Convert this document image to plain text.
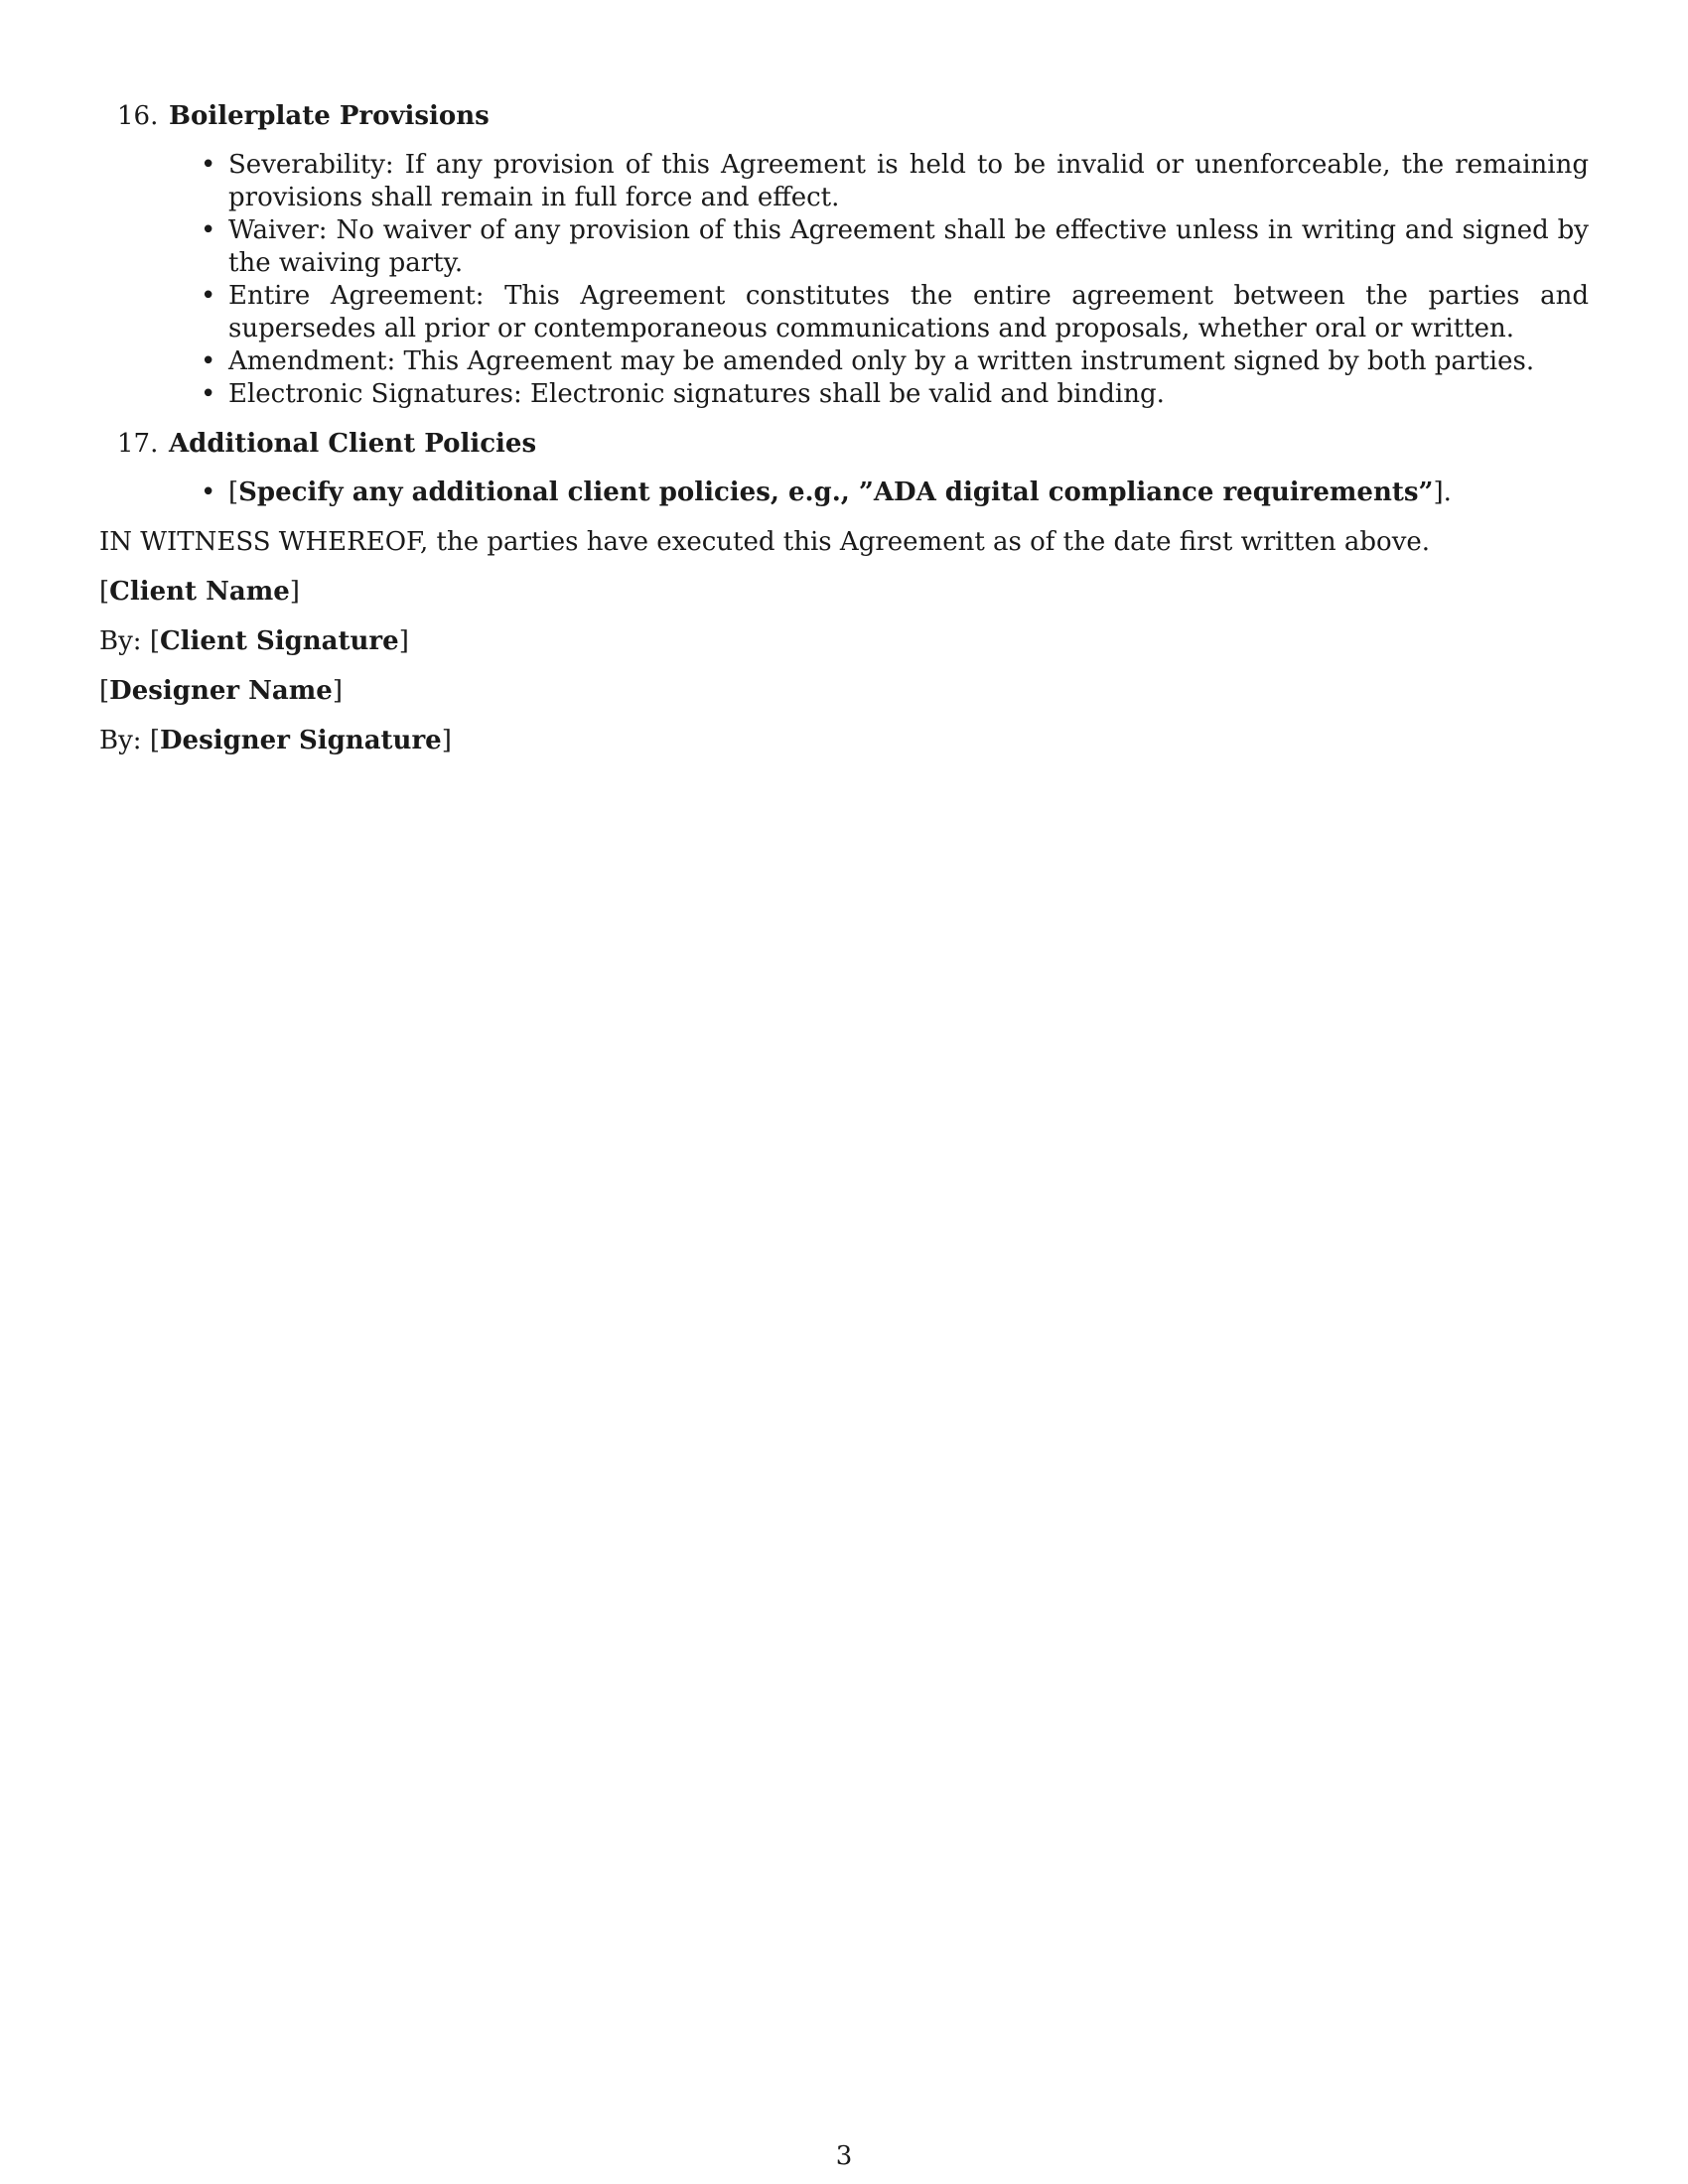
16. Boilerplate Provisions
• Severability: If any provision of this Agreement is held to be invalid or unenforceable, the remaining provisions shall remain in full force and effect.
• Waiver: No waiver of any provision of this Agreement shall be effective unless in writing and signed by the waiving party.
• Entire Agreement: This Agreement constitutes the entire agreement between the parties and supersedes all prior or contemporaneous communications and proposals, whether oral or written.
• Amendment: This Agreement may be amended only by a written instrument signed by both parties.
• Electronic Signatures: Electronic signatures shall be valid and binding.
17. Additional Client Policies
• [Specify any additional client policies, e.g., ”ADA digital compliance requirements”].

IN WITNESS WHEREOF, the parties have executed this Agreement as of the date first written above.

[Client Name]

By: [Client Signature]

[Designer Name]

By: [Designer Signature]

3
